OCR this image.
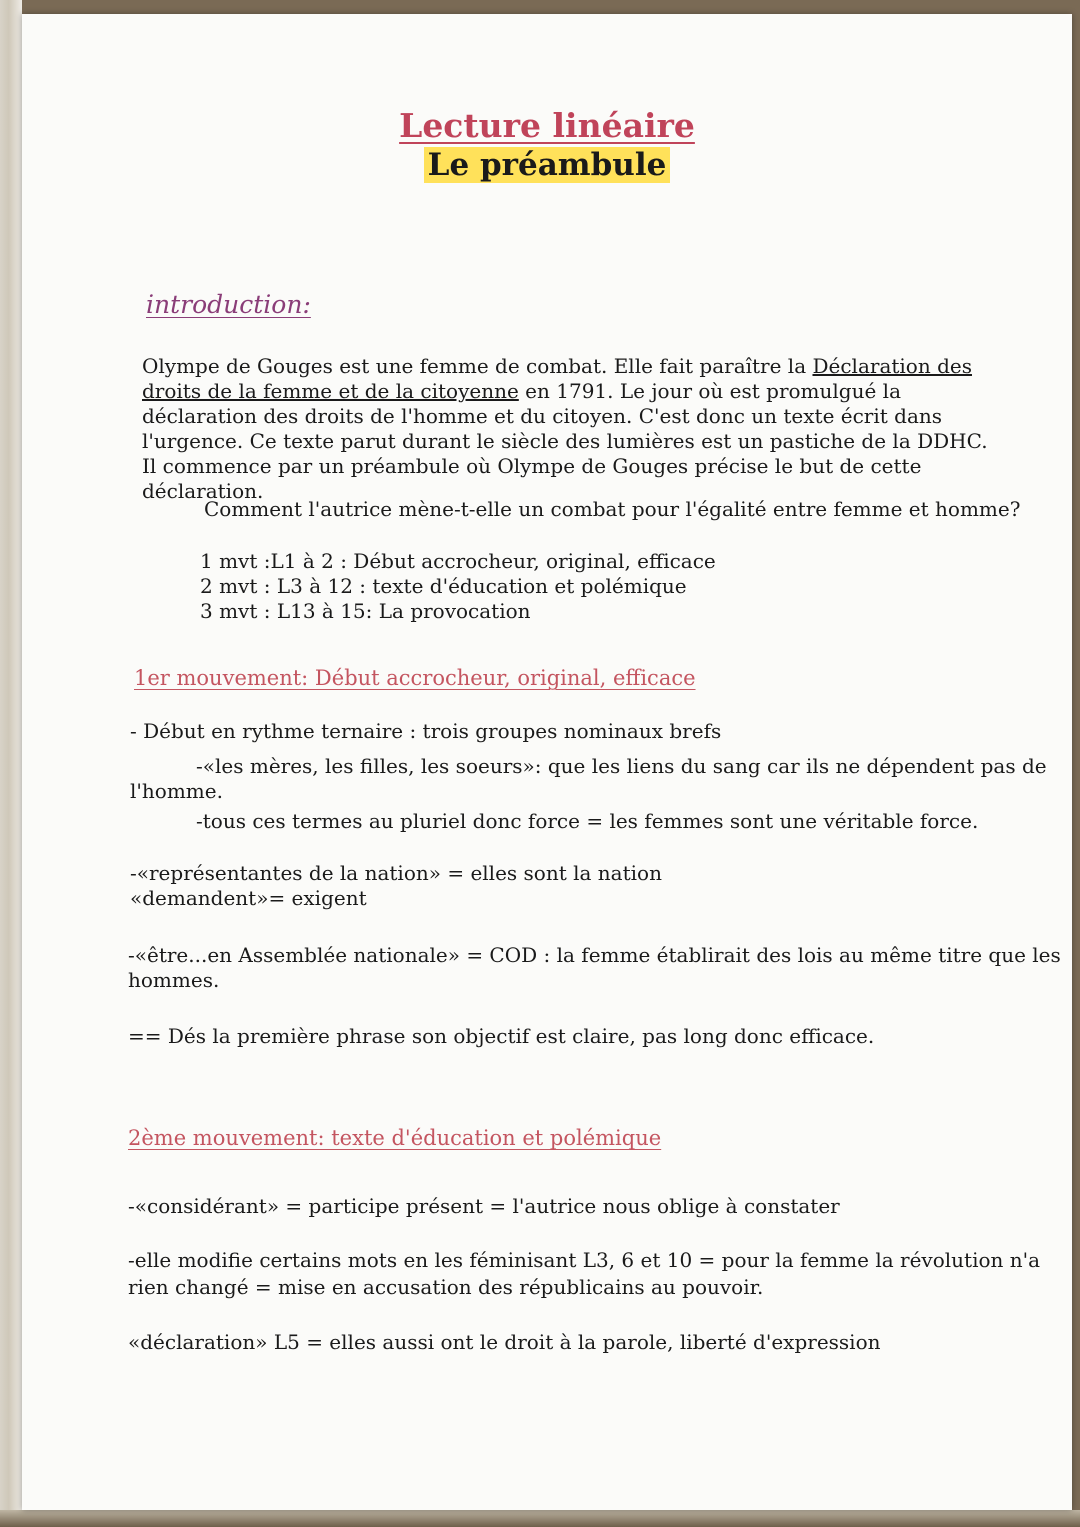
Lecture linéaire
Le préambule
introduction:
Olympe de Gouges est une femme de combat. Elle fait paraître la Déclaration des droits de la femme et de la citoyenne en 1791. Le jour où est promulgué la déclaration des droits de l'homme et du citoyen. C'est donc un texte écrit dans l'urgence. Ce texte parut durant le siècle des lumières est un pastiche de la DDHC. Il commence par un préambule où Olympe de Gouges précise le but de cette déclaration.
Comment l'autrice mène-t-elle un combat pour l'égalité entre femme et homme?
1 mvt :L1 à 2 : Début accrocheur, original, efficace
2 mvt : L3 à 12 : texte d'éducation et polémique
3 mvt : L13 à 15: La provocation
1er mouvement: Début accrocheur, original, efficace
- Début en rythme ternaire : trois groupes nominaux brefs
-«les mères, les filles, les soeurs»: que les liens du sang car ils ne dépendent pas de
l'homme.
-tous ces termes au pluriel donc force = les femmes sont une véritable force.
-«représentantes de la nation» = elles sont la nation
«demandent»= exigent
-«être...en Assemblée nationale» = COD : la femme établirait des lois au même titre que les
hommes.
== Dés la première phrase son objectif est claire, pas long donc efficace.
2ème mouvement: texte d'éducation et polémique
-«considérant» = participe présent = l'autrice nous oblige à constater
-elle modifie certains mots en les féminisant L3, 6 et 10 = pour la femme la révolution n'a
rien changé = mise en accusation des républicains au pouvoir.
«déclaration» L5 = elles aussi ont le droit à la parole, liberté d'expression
